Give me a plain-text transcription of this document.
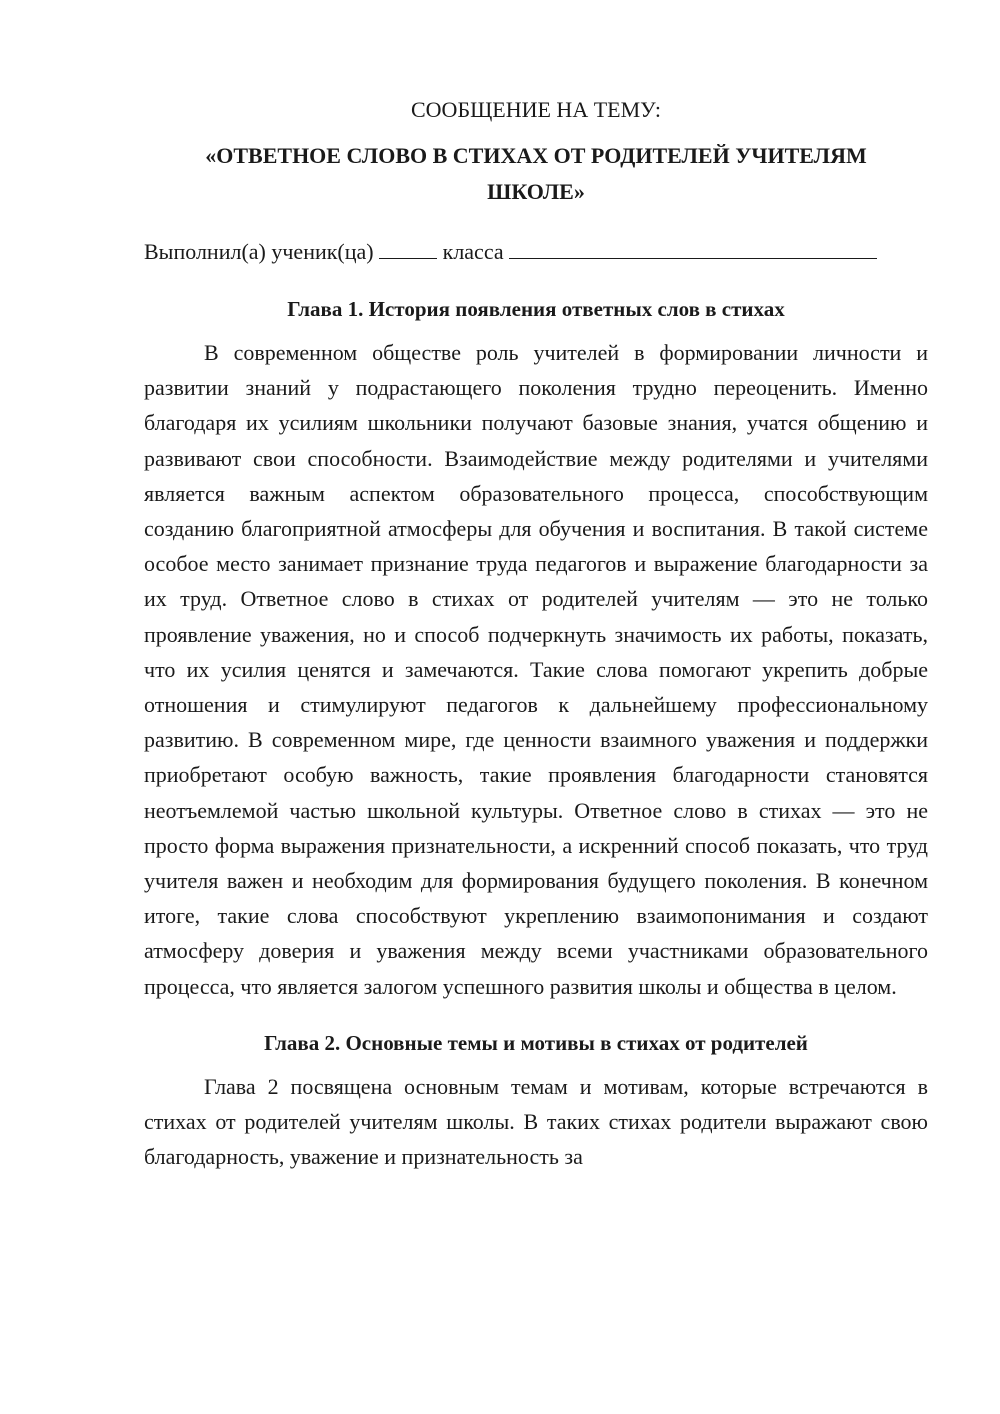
СООБЩЕНИЕ НА ТЕМУ:

«ОТВЕТНОЕ СЛОВО В СТИХАХ ОТ РОДИТЕЛЕЙ УЧИТЕЛЯМ ШКОЛЕ»

Выполнил(а) ученик(ца)	класса

Глава 1. История появления ответных слов в стихах

В современном обществе роль учителей в формировании личности и развитии знаний у подрастающего поколения трудно переоценить. Именно благодаря их усилиям школьники получают базовые знания, учатся общению и развивают свои способности. Взаимодействие между родителями и учителями является важным аспектом образовательного процесса, способствующим созданию благоприятной атмосферы для обучения и воспитания. В такой системе особое место занимает признание труда педагогов и выражение благодарности за их труд. Ответное слово в стихах от родителей учителям — это не только проявление уважения, но и способ подчеркнуть значимость их работы, показать, что их усилия ценятся и замечаются. Такие слова помогают укрепить добрые отношения и стимулируют педагогов к дальнейшему профессиональному развитию. В современном мире, где ценности взаимного уважения и поддержки приобретают особую важность, такие проявления благодарности становятся неотъемлемой частью школьной культуры. Ответное слово в стихах — это не просто форма выражения признательности, а искренний способ показать, что труд учителя важен и необходим для формирования будущего поколения. В конечном итоге, такие слова способствуют укреплению взаимопонимания и создают атмосферу доверия и уважения между всеми участниками образовательного процесса, что является залогом успешного развития школы и общества в целом.

Глава 2. Основные темы и мотивы в стихах от родителей

Глава 2 посвящена основным темам и мотивам, которые встречаются в стихах от родителей учителям школы. В таких стихах родители выражают свою благодарность, уважение и признательность за
